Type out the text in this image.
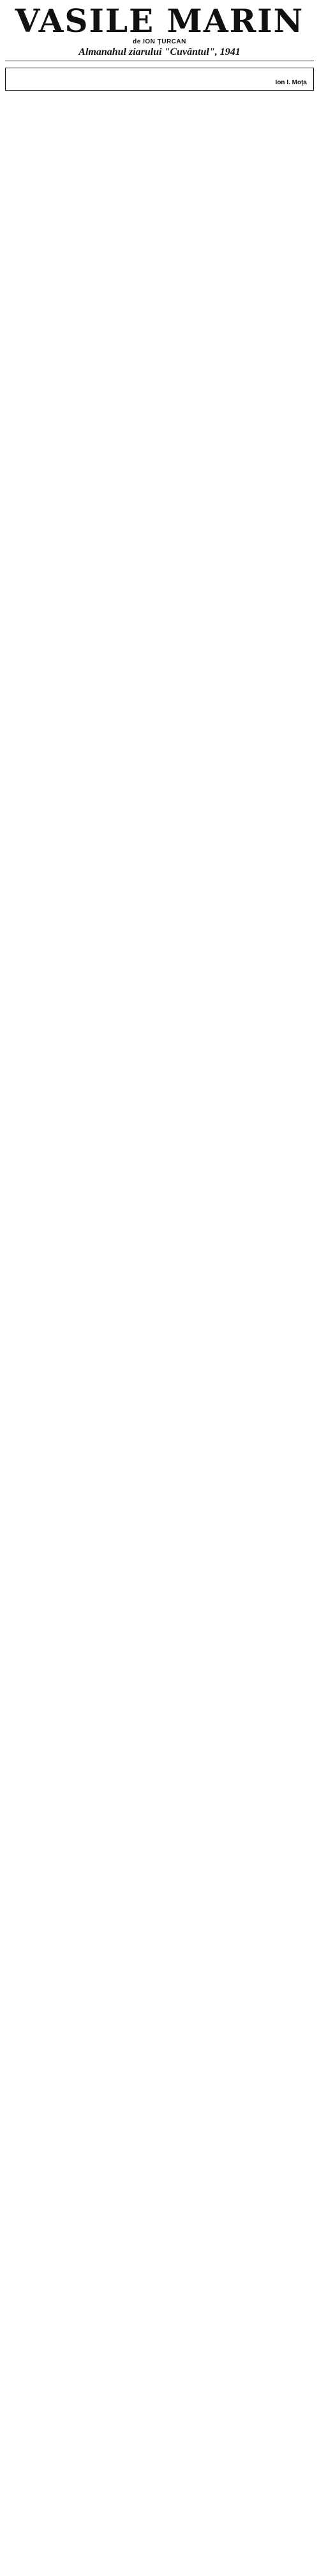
VASILE MARIN
de ION ŢURCAN
Almanahul ziarului "Cuvântul", 1941
Ion I. Moţa
